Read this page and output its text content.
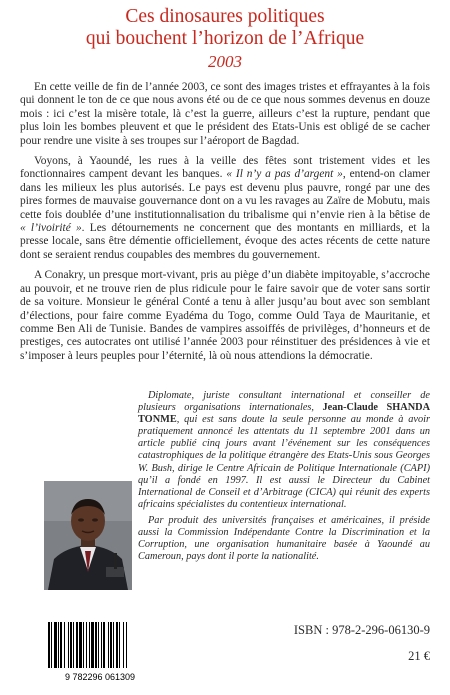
Ces dinosaures politiques
qui bouchent l’horizon de l’Afrique
2003

En cette veille de fin de l’année 2003, ce sont des images tristes et effrayantes à la fois qui donnent le ton de ce que nous avons été ou de ce que nous sommes devenus en douze mois : ici c’est la misère totale, là c’est la guerre, ailleurs c’est la rupture, pendant que plus loin les bombes pleuvent et que le président des Etats-Unis est obligé de se cacher pour rendre une visite à ses troupes sur l’aéroport de Bagdad.

Voyons, à Yaoundé, les rues à la veille des fêtes sont tristement vides et les fonctionnaires campent devant les banques. « Il n’y a pas d’argent », entend-on clamer dans les milieux les plus autorisés. Le pays est devenu plus pauvre, rongé par une des pires formes de mauvaise gouvernance dont on a vu les ravages au Zaïre de Mobutu, mais cette fois doublée d’une institutionnalisation du tribalisme qui n’envie rien à la bêtise de « l’ivoirité ». Les détournements ne concernent que des montants en milliards, et la presse locale, sans être démentie officiellement, évoque des actes récents de cette nature dont se seraient rendus coupables des membres du gouvernement.

A Conakry, un presque mort-vivant, pris au piège d’un diabète impitoyable, s’accroche au pouvoir, et ne trouve rien de plus ridicule pour le faire savoir que de voter sans sortir de sa voiture. Monsieur le général Conté a tenu à aller jusqu’au bout avec son semblant d’élections, pour faire comme Eyadéma du Togo, comme Ould Taya de Mauritanie, et comme Ben Ali de Tunisie. Bandes de vampires assoiffés de privilèges, d’honneurs et de prestiges, ces autocrates ont utilisé l’année 2003 pour réinstituer des présidences à vie et s’imposer à leurs peuples pour l’éternité, là où nous attendions la démocratie.

Diplomate, juriste consultant international et conseiller de plusieurs organisations internationales, Jean-Claude SHANDA TONME, qui est sans doute la seule personne au monde à avoir pratiquement annoncé les attentats du 11 septembre 2001 dans un article publié cinq jours avant l’événement sur les conséquences catastrophiques de la politique étrangère des Etats-Unis sous Georges W. Bush, dirige le Centre Africain de Politique Internationale (CAPI) qu’il a fondé en 1997. Il est aussi le Directeur du Cabinet International de Conseil et d’Arbitrage (CICA) qui réunit des experts africains spécialistes du contentieux international.

Par produit des universités françaises et américaines, il préside aussi la Commission Indépendante Contre la Discrimination et la Corruption, une organisation humanitaire basée à Yaoundé au Cameroun, pays dont il porte la nationalité.

9 782296 061309
ISBN : 978-2-296-06130-9
21 €
